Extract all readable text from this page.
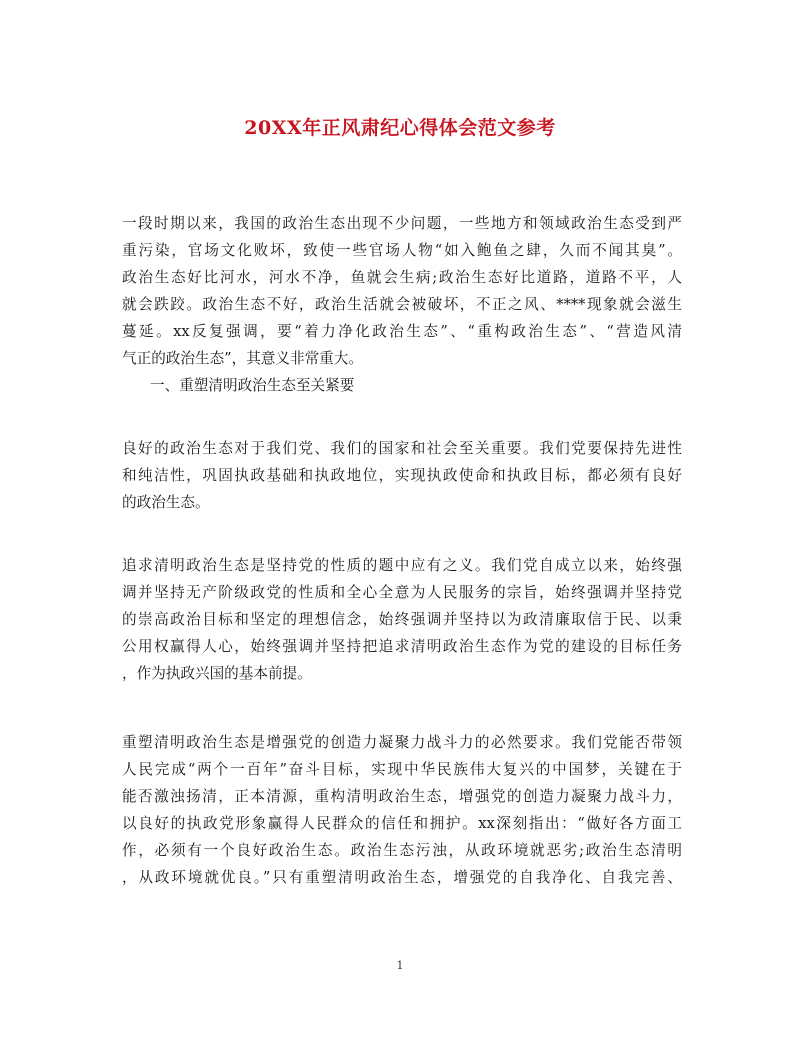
20XX年正风肃纪心得体会范文参考

一段时期以来，我国的政治生态出现不少问题，一些地方和领域政治生态受到严

重污染，官场文化败坏，致使一些官场人物“如入鲍鱼之肆，久而不闻其臭”。

政治生态好比河水，河水不净，鱼就会生病;政治生态好比道路，道路不平，人

就会跌跤。政治生态不好，政治生活就会被破坏，不正之风、****现象就会滋生

蔓延。xx反复强调，要“着力净化政治生态”、“重构政治生态”、“营造风清

气正的政治生态”，其意义非常重大。

一、重塑清明政治生态至关紧要

良好的政治生态对于我们党、我们的国家和社会至关重要。我们党要保持先进性

和纯洁性，巩固执政基础和执政地位，实现执政使命和执政目标，都必须有良好

的政治生态。

追求清明政治生态是坚持党的性质的题中应有之义。我们党自成立以来，始终强

调并坚持无产阶级政党的性质和全心全意为人民服务的宗旨，始终强调并坚持党

的崇高政治目标和坚定的理想信念，始终强调并坚持以为政清廉取信于民、以秉

公用权赢得人心，始终强调并坚持把追求清明政治生态作为党的建设的目标任务

，作为执政兴国的基本前提。

重塑清明政治生态是增强党的创造力凝聚力战斗力的必然要求。我们党能否带领

人民完成“两个一百年”奋斗目标，实现中华民族伟大复兴的中国梦，关键在于

能否激浊扬清，正本清源，重构清明政治生态，增强党的创造力凝聚力战斗力，

以良好的执政党形象赢得人民群众的信任和拥护。xx深刻指出：“做好各方面工

作，必须有一个良好政治生态。政治生态污浊，从政环境就恶劣;政治生态清明

，从政环境就优良。”只有重塑清明政治生态，增强党的自我净化、自我完善、

1
